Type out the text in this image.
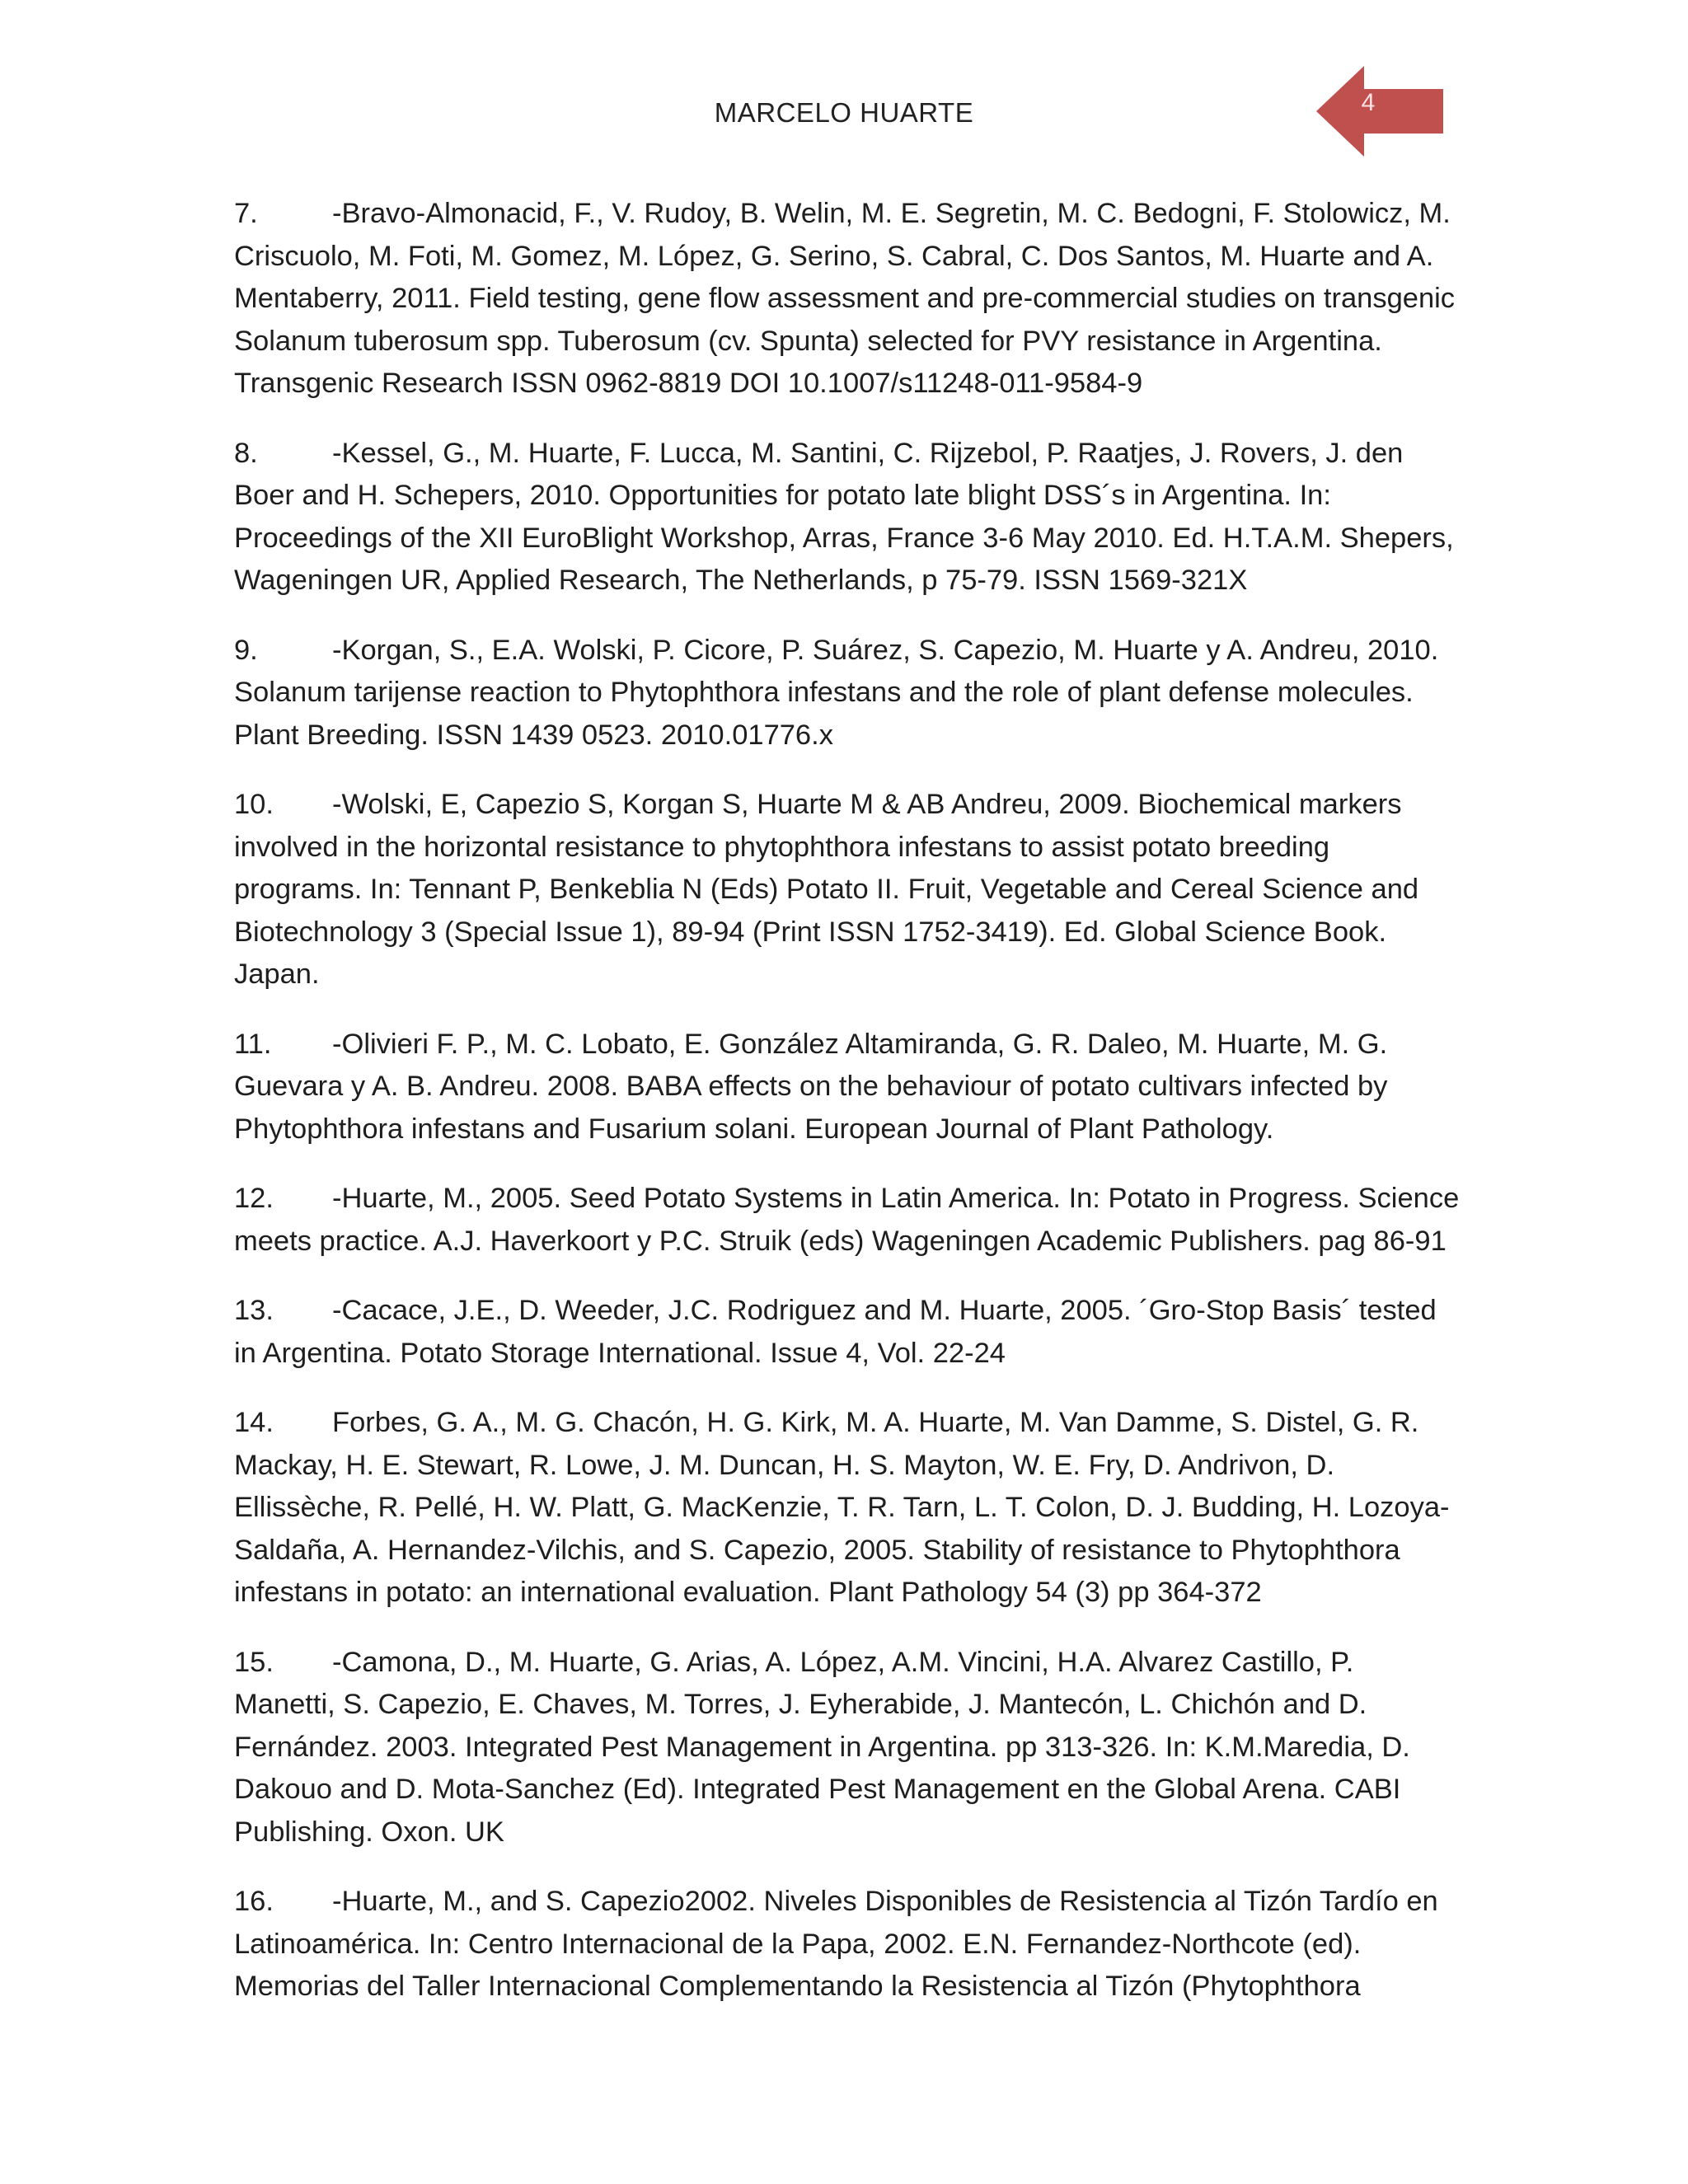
MARCELO HUARTE	4

7.	-Bravo-Almonacid, F., V. Rudoy, B. Welin, M. E. Segretin, M. C. Bedogni, F. Stolowicz, M. Criscuolo, M. Foti, M. Gomez, M. López, G. Serino, S. Cabral, C. Dos Santos, M. Huarte and A. Mentaberry, 2011. Field testing, gene flow assessment and pre-commercial studies on transgenic Solanum tuberosum spp. Tuberosum (cv. Spunta) selected for PVY resistance in Argentina. Transgenic Research ISSN 0962-8819 DOI 10.1007/s11248-011-9584-9

8.	-Kessel, G., M. Huarte, F. Lucca, M. Santini, C. Rijzebol, P. Raatjes, J. Rovers, J. den Boer and H. Schepers, 2010. Opportunities for potato late blight DSS´s in Argentina. In: Proceedings of the XII EuroBlight Workshop, Arras, France 3-6 May 2010. Ed. H.T.A.M. Shepers, Wageningen UR, Applied Research, The Netherlands, p 75-79. ISSN 1569-321X

9.	-Korgan, S., E.A. Wolski, P. Cicore, P. Suárez, S. Capezio, M. Huarte y A. Andreu, 2010. Solanum tarijense reaction to Phytophthora infestans and the role of plant defense molecules. Plant Breeding. ISSN 1439 0523. 2010.01776.x

10. -Wolski, E, Capezio S, Korgan S, Huarte M & AB Andreu, 2009. Biochemical markers involved in the horizontal resistance to phytophthora infestans to assist potato breeding programs. In: Tennant P, Benkeblia N (Eds) Potato II. Fruit, Vegetable and Cereal Science and Biotechnology 3 (Special Issue 1), 89-94 (Print ISSN 1752-3419). Ed. Global Science Book. Japan.

11. -Olivieri F. P., M. C. Lobato, E. González Altamiranda, G. R. Daleo, M. Huarte, M. G. Guevara y A. B. Andreu. 2008. BABA effects on the behaviour of potato cultivars infected by Phytophthora infestans and Fusarium solani. European Journal of Plant Pathology.

12. -Huarte, M., 2005. Seed Potato Systems in Latin America. In: Potato in Progress. Science meets practice. A.J. Haverkoort y P.C. Struik (eds) Wageningen Academic Publishers. pag 86-91

13. -Cacace, J.E., D. Weeder, J.C. Rodriguez and M. Huarte, 2005. ´Gro-Stop Basis´ tested in Argentina. Potato Storage International. Issue 4, Vol. 22-24

14. Forbes, G. A., M. G. Chacón, H. G. Kirk, M. A. Huarte, M. Van Damme, S. Distel, G. R. Mackay, H. E. Stewart, R. Lowe, J. M. Duncan, H. S. Mayton, W. E. Fry, D. Andrivon, D. Ellissèche, R. Pellé, H. W. Platt, G. MacKenzie, T. R. Tarn, L. T. Colon, D. J. Budding, H. Lozoya-Saldaña, A. Hernandez-Vilchis, and S. Capezio, 2005. Stability of resistance to Phytophthora infestans in potato: an international evaluation. Plant Pathology 54 (3) pp 364-372

15. -Camona, D., M. Huarte, G. Arias, A. López, A.M. Vincini, H.A. Alvarez Castillo, P. Manetti, S. Capezio, E. Chaves, M. Torres, J. Eyherabide, J. Mantecón, L. Chichón and D. Fernández. 2003. Integrated Pest Management in Argentina. pp 313-326. In: K.M.Maredia, D. Dakouo and D. Mota-Sanchez (Ed). Integrated Pest Management en the Global Arena. CABI Publishing. Oxon. UK

16. -Huarte, M., and S. Capezio2002. Niveles Disponibles de Resistencia al Tizón Tardío en Latinoamérica. In: Centro Internacional de la Papa, 2002. E.N. Fernandez-Northcote (ed). Memorias del Taller Internacional Complementando la Resistencia al Tizón (Phytophthora
